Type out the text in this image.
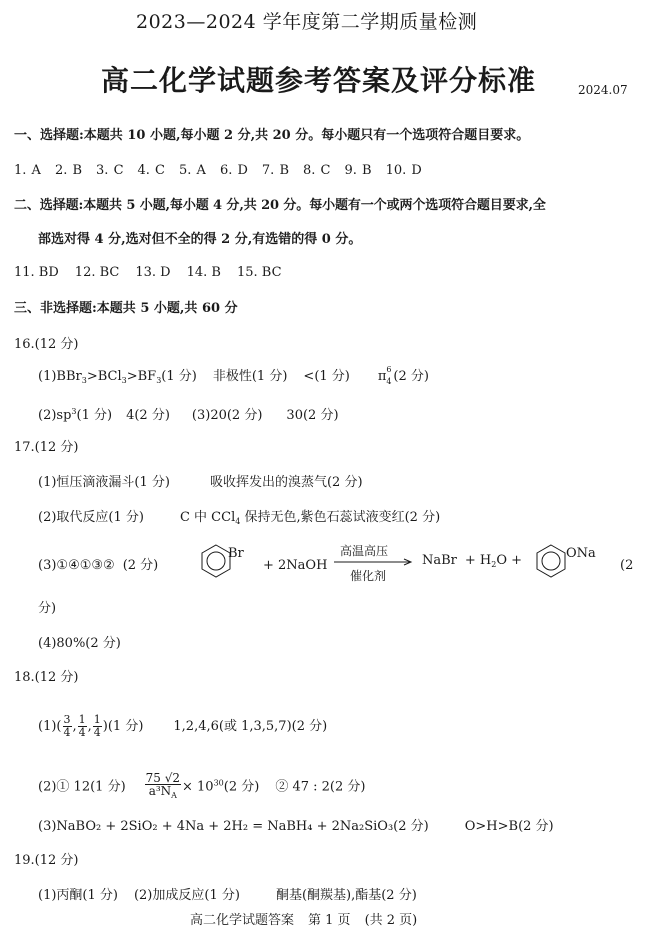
2023—2024 学年度第二学期质量检测
高二化学试题参考答案及评分标准	2024.07
一、选择题:本题共 10 小题,每小题 2 分,共 20 分。每小题只有一个选项符合题目要求。
1. A 2. B 3. C 4. C 5. A 6. D 7. B 8. C 9. B 10. D
二、选择题:本题共 5 小题,每小题 4 分,共 20 分。每小题有一个或两个选项符合题目要求,全
部选对得 4 分,选对但不全的得 2 分,有选错的得 0 分。
11. BD 12. BC 13. D 14. B 15. BC
三、非选择题:本题共 5 小题,共 60 分
16.(12 分)
$(1)BBr_3>BCl_3>BF_3(1$ 分) 非极性(1 分) <(1 分) π 6
4 (2 分)
$(2)sp^3(1$ 分) 4(2 分) (3)20(2 分) 30(2 分)
17.(12 分)
(1)恒压滴液漏斗(1 分)	吸收挥发出的溴蒸气(2 分)
(2)取代反应(1 分)	C 中 CCl$_4$ 保持无色,紫色石蕊试液变红(2 分)
(3)①④①③② (2 分)
Br
+ 2NaOH
高温高压
催化剂
NaBr + $H_2O$ +	ONa
(2
分)
(4)80%(2 分)
18.(12 分)
$(1)( \frac{3}{4}$ , $\frac{1}{4}$ , $\frac{1}{4} )(1$ 分) 1,2,4,6(或 1,3,5,7)(2 分)
(2)① 12(1 分) $\frac{75 √2}{a^3N_A} \times 10^{30}(2$ 分) ② 47 : 2(2 分)
(3)NaBO₂ + 2SiO₂ + 4Na + 2H₂ = NaBH₄ + 2Na₂SiO₃(2 分)	O>H>B(2 分)
19.(12 分)
(1)丙酮(1 分) (2)加成反应(1 分)	酮基(酮羰基),酯基(2 分)
高二化学试题答案 第 1 页 (共 2 页)
